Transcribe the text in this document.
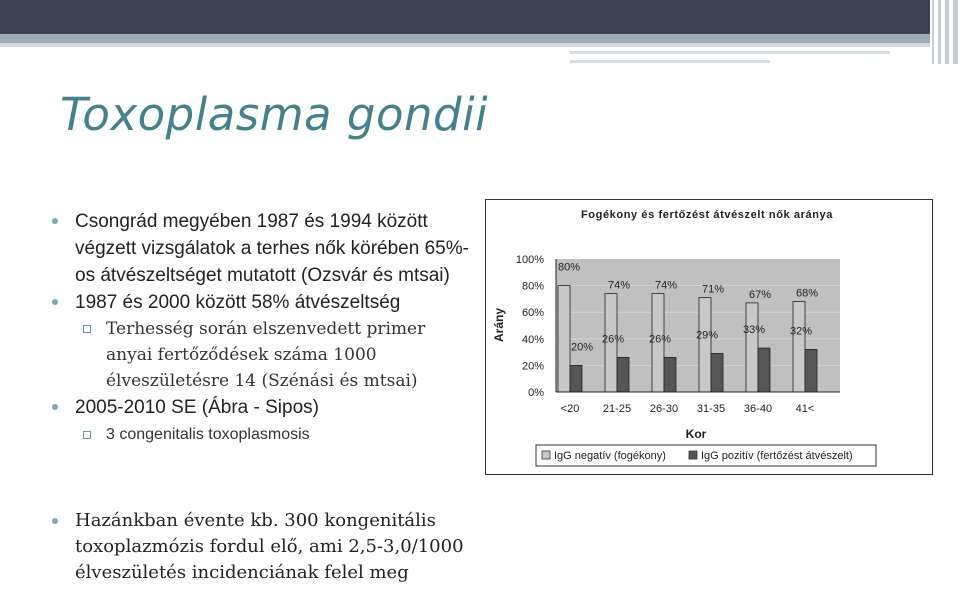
Toxoplasma gondii
Csongrád megyében 1987 és 1994 között végzett vizsgálatok a terhes nők körében 65%-os átvészeltséget mutatott (Ozsvár és mtsai)
1987 és 2000 között 58% átvészeltség
Terhesség során elszenvedett primer anyai fertőződések száma 1000 élveszületésre 14 (Szénási és mtsai)
2005-2010 SE (Ábra - Sipos)
3 congenitalis toxoplasmosis
Hazánkban évente kb. 300 kongenitális toxoplazmózis fordul elő, ami 2,5-3,0/1000 élveszületés incidenciának felel meg
Fogékony és fertőzést átvészelt nők aránya
0%
20%
40%
60%
80%
100%
80%
20%
74%
26%
74%
26%
71%
29%
67%
33%
68%
32%
<20 21-25 26-30 31-35 36-40 41<
Arány
Kor
IgG negatív (fogékony)	IgG pozitív (fertőzést átvészelt)
